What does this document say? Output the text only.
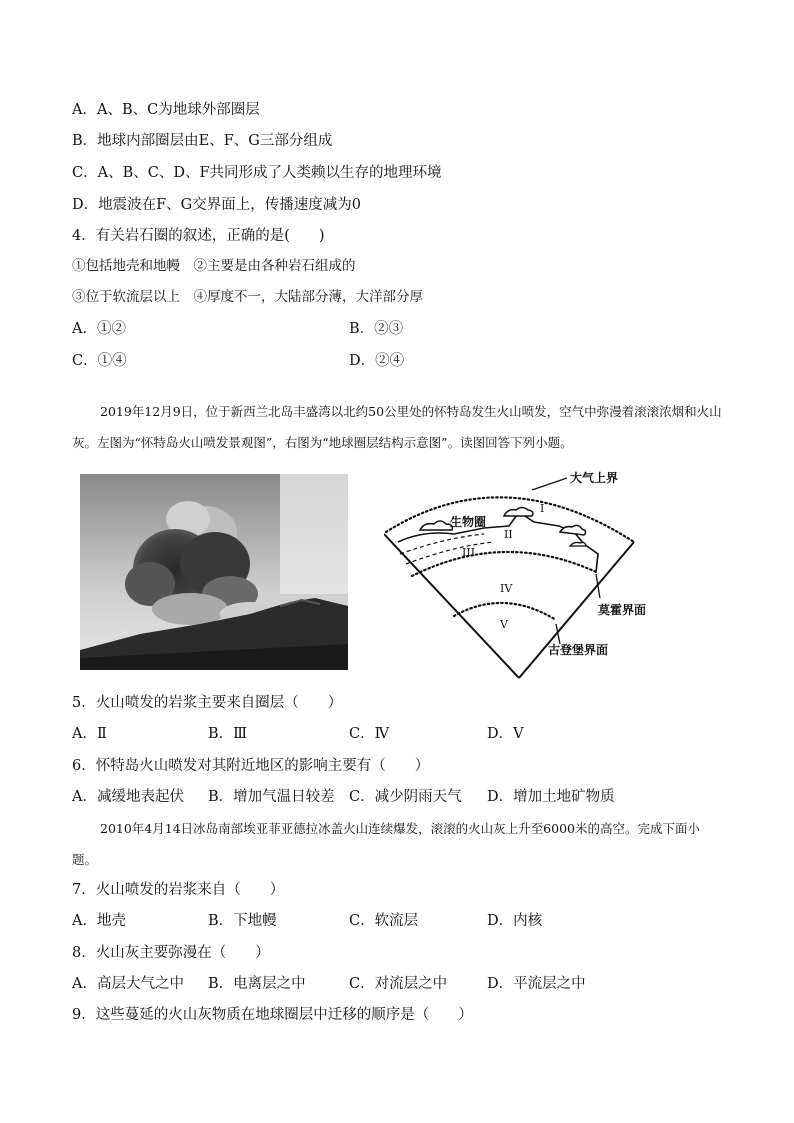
A．A、B、C为地球外部圈层
B．地球内部圈层由E、F、G三部分组成
C．A、B、C、D、F共同形成了人类赖以生存的地理环境
D．地震波在F、G交界面上，传播速度减为0
4．有关岩石圈的叙述，正确的是(　　)
①包括地壳和地幔　②主要是由各种岩石组成的
③位于软流层以上　④厚度不一，大陆部分薄，大洋部分厚
A．①②	B．②③
C．①④	D．②④
2019年12月9日，位于新西兰北岛丰盛湾以北约50公里处的怀特岛发生火山喷发，空气中弥漫着滚滚浓烟和火山灰。左图为“怀特岛火山喷发景观图”，右图为“地球圈层结构示意图”。读图回答下列小题。
大气上界
生物圈
莫霍界面
古登堡界面
I
II
III
IV
V
5．火山喷发的岩浆主要来自圈层（　　）
A．Ⅱ	B．Ⅲ	C．Ⅳ	D．Ⅴ
6．怀特岛火山喷发对其附近地区的影响主要有（　　）
A．减缓地表起伏 B．增加气温日较差 C．减少阴雨天气 D．增加土地矿物质
2010年4月14日冰岛南部埃亚菲亚德拉冰盖火山连续爆发，滚滚的火山灰上升至6000米的高空。完成下面小题。
7．火山喷发的岩浆来自（　　）
A．地壳	B．下地幔	C．软流层	D．内核
8．火山灰主要弥漫在（　　）
A．高层大气之中 B．电离层之中	C．对流层之中	D．平流层之中
9．这些蔓延的火山灰物质在地球圈层中迁移的顺序是（　　）
